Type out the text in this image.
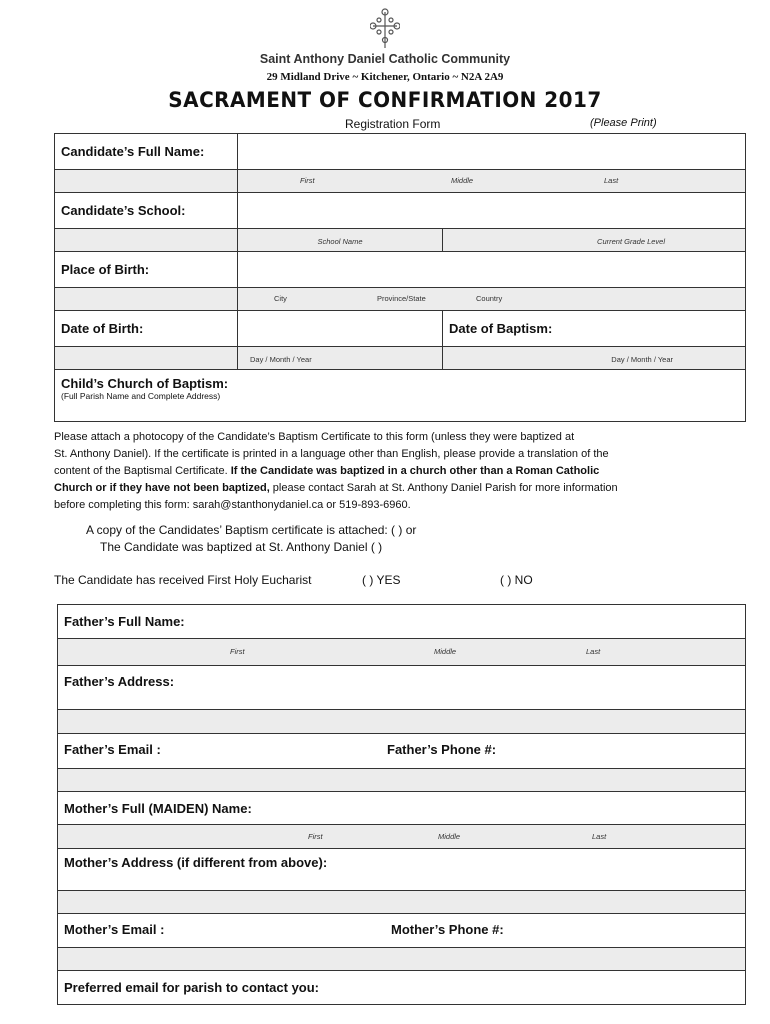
Saint Anthony Daniel Catholic Community
29 Midland Drive ~ Kitchener, Ontario ~ N2A 2A9
SACRAMENT OF CONFIRMATION 2017
Registration Form	(Please Print)
Candidate’s Full Name:		

	First Middle Last	

Candidate’s School:		
	School Name	Current Grade Level
Place of Birth:		

	City Province/State Country	

Date of Birth:		Date of Baptism:
	Day / Month / Year	Day / Month / Year

Child’s Church of Baptism:
(Full Parish Name and Complete Address)		
Please attach a photocopy of the Candidate’s Baptism Certificate to this form (unless they were baptized at
St. Anthony Daniel). If the certificate is printed in a language other than English, please provide a translation of the
content of the Baptismal Certificate. If the Candidate was baptized in a church other than a Roman Catholic
Church or if they have not been baptized, please contact Sarah at St. Anthony Daniel Parish for more information
before completing this form: sarah@stanthonydaniel.ca or 519-893-6960.
A copy of the Candidates’ Baptism certificate is attached: ( ) or
The Candidate was baptized at St. Anthony Daniel ( )
The Candidate has received First Holy Eucharist	( ) YES	( ) NO
Father’s Full Name:

First	Middle	Last

Father’s Address:

Father’s Email :	Father’s Phone #:

Mother’s Full (MAIDEN) Name:

First	Middle	Last

Mother’s Address (if different from above):

Mother’s Email :	Mother’s Phone #:

Preferred email for parish to contact you:
